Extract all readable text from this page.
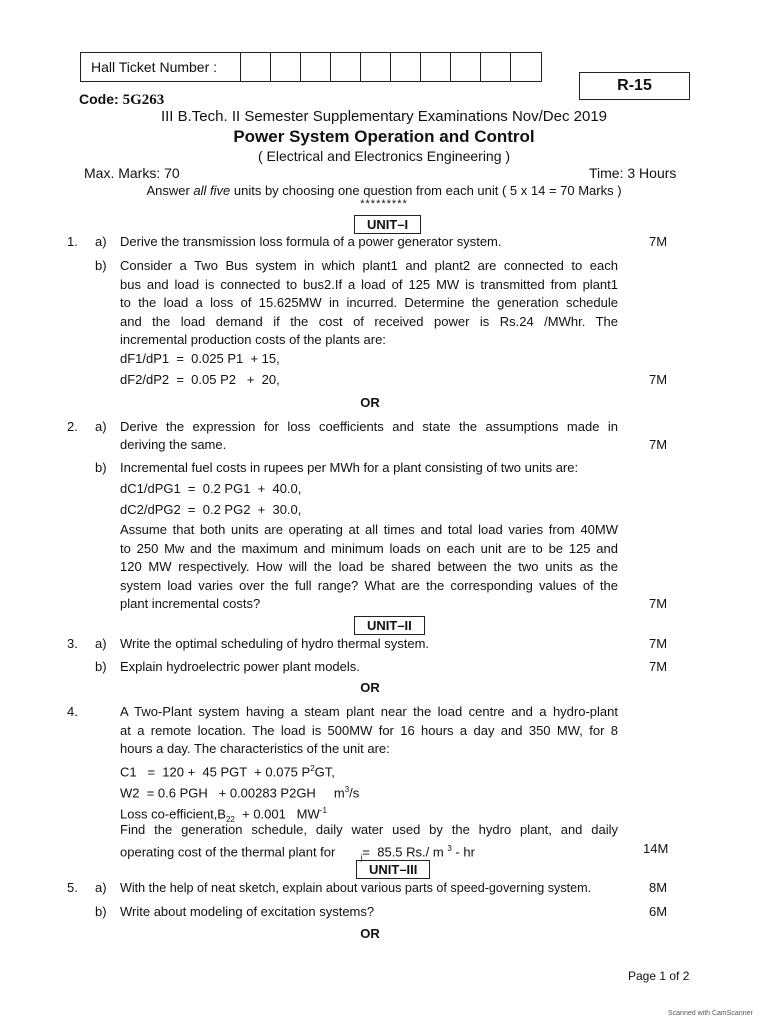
Hall Ticket Number :
R-15
Code: 5G263
III B.Tech. II Semester Supplementary Examinations Nov/Dec 2019
Power System Operation and Control
( Electrical and Electronics Engineering )
Max. Marks: 70	Time: 3 Hours
Answer all five units by choosing one question from each unit ( 5 x 14 = 70 Marks )
*********
UNIT–I
1. a) Derive the transmission loss formula of a power generator system.	7M
b) Consider a Two Bus system in which plant1 and plant2 are connected to each
bus and load is connected to bus2.If a load of 125 MW is transmitted from plant1
to the load a loss of 15.625MW in incurred. Determine the generation schedule
and the load demand if the cost of received power is Rs.24 /MWhr. The
incremental production costs of the plants are:
dF1/dP1  =  0.025 P1  + 15,
dF2/dP2  =  0.05 P2   +  20,	7M
OR
2. a) Derive the expression for loss coefficients and state the assumptions made in
deriving the same.	7M
b) Incremental fuel costs in rupees per MWh for a plant consisting of two units are:
dC1/dPG1  =  0.2 PG1  +  40.0,
dC2/dPG2  =  0.2 PG2  +  30.0,
Assume that both units are operating at all times and total load varies from 40MW
to 250 Mw and the maximum and minimum loads on each unit are to be 125 and
120 MW respectively. How will the load be shared between the two units as the
system load varies over the full range? What are the corresponding values of the
plant incremental costs?	7M
UNIT–II
3. a) Write the optimal scheduling of hydro thermal system.	7M
b) Explain hydroelectric power plant models.	7M
OR
4.	A Two-Plant system having a steam plant near the load centre and a hydro-plant
at a remote location. The load is 500MW for 16 hours a day and 350 MW, for 8
hours a day. The characteristics of the unit are:
C1   =  120 +  45 PGT  + 0.075 $P^2GT$,
W2  = 0.6 PGH   + 0.00283 P2GH     $m^3/s$
Loss $co-efficient,B_{22} + 0.001$   $MW^{-1}$
Find the generation schedule, daily water used by the hydro plant, and daily
operating cost of the thermal plant for       $_j$=  85.5 Rs./ m $^3$ - hr	14M
UNIT–III
5. a) With the help of neat sketch, explain about various parts of speed-governing system.	8M
b) Write about modeling of excitation systems?	6M
OR
Page 1 of 2
Scanned with CamScanner
